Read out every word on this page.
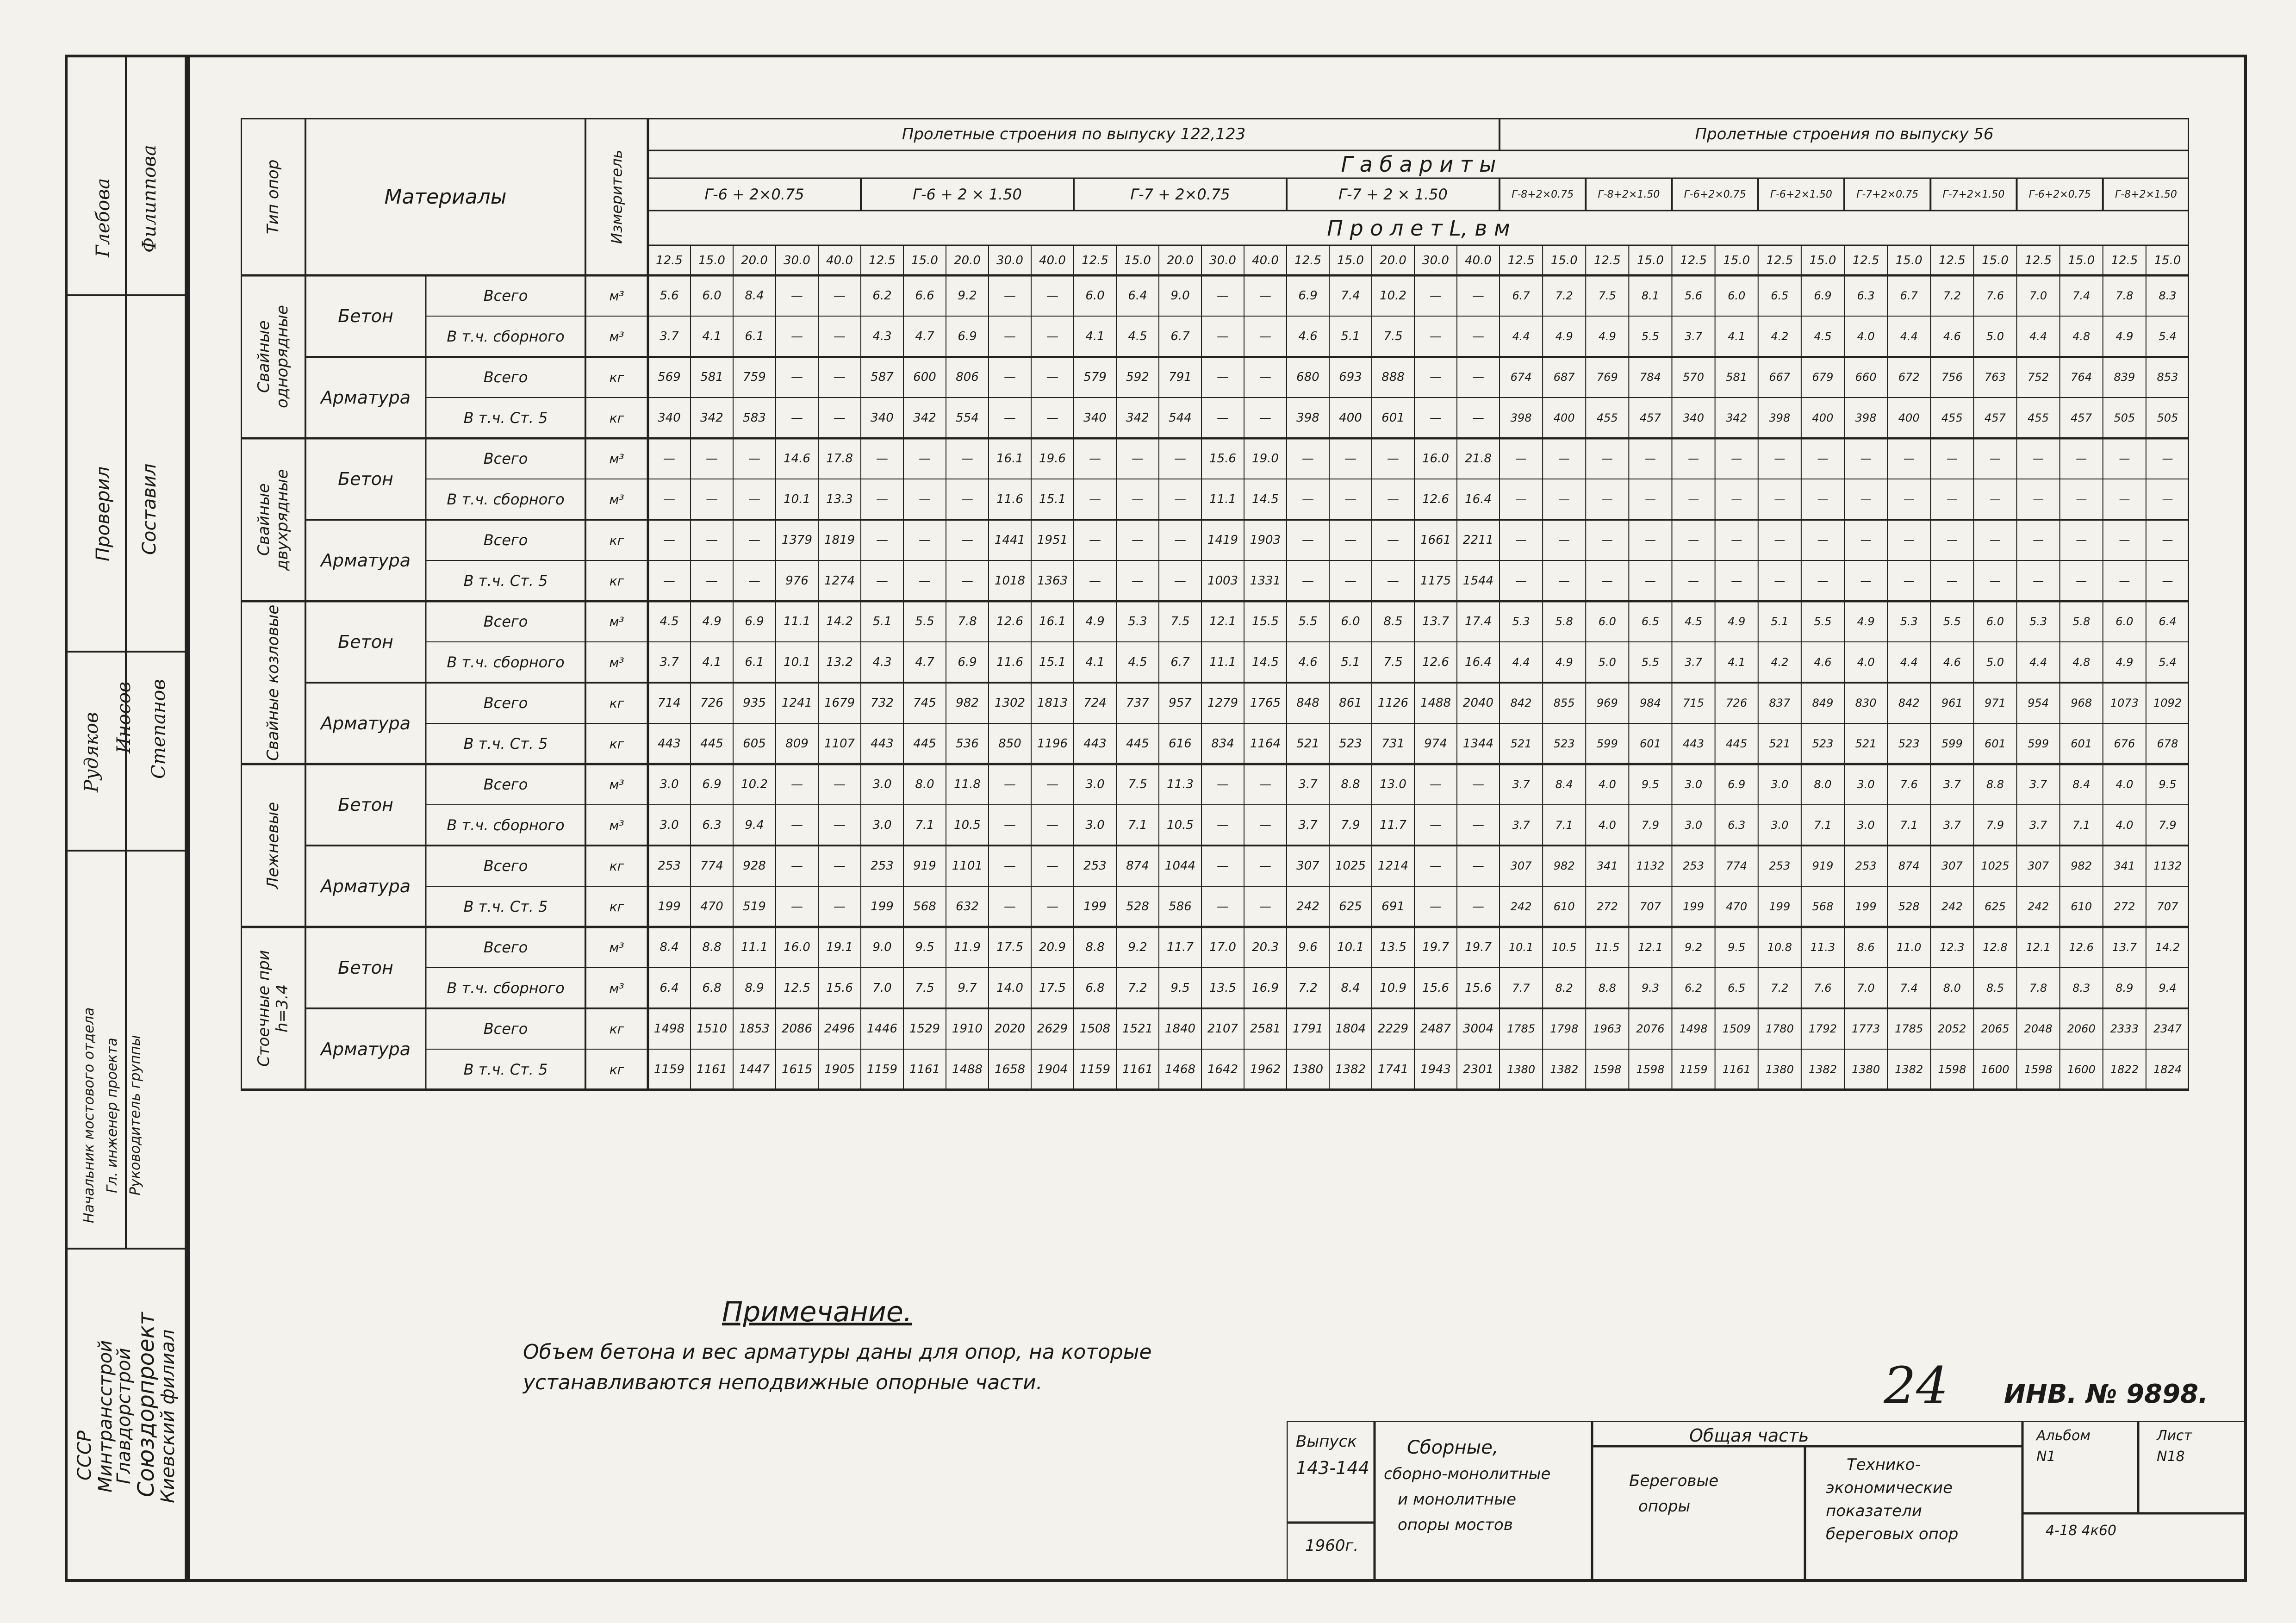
СССР Минтрансстрой
Главдорстрой
Союздорпроект
Киевский филиал
Начальник мостового отдела Гл. инженер проекта Руководитель группы
Рудяков Иносов Степанов
Проверил	Составил
Глебова	Филиппова	Тип опор	Материалы	Измеритель
Пролетные строения по выпуску 122,123	Пролетные строения по выпуску 56
Г а б а р и т ы
Г-6 + 2×0.75	Г-6 + 2 × 1.50	Г-7 + 2×0.75	Г-7 + 2 × 1.50	Г-8+2×0.75	Г-8+2×1.50	Г-6+2×0.75	Г-6+2×1.50	Г-7+2×0.75	Г-7+2×1.50	Г-6+2×0.75	Г-8+2×1.50
П р о л е т L, в м
12.5	15.0	20.0	30.0	40.0	12.5	15.0	20.0	30.0	40.0	12.5	15.0	20.0	30.0	40.0	12.5	15.0	20.0	30.0	40.0	12.5	15.0	12.5	15.0	12.5	15.0	12.5	15.0	12.5	15.0	12.5	15.0	12.5	15.0	12.5	15.0
Свайные однорядные	Бетон
Всего	м³	5.6	6.0	8.4	—	—	6.2	6.6	9.2	—	—	6.0	6.4	9.0	—	—	6.9	7.4	10.2	—	—	6.7	7.2	7.5	8.1	5.6	6.0	6.5	6.9	6.3	6.7	7.2	7.6	7.0	7.4	7.8	8.3
В т.ч. сборного	м³	3.7	4.1	6.1	—	—	4.3	4.7	6.9	—	—	4.1	4.5	6.7	—	—	4.6	5.1	7.5	—	—	4.4	4.9	4.9	5.5	3.7	4.1	4.2	4.5	4.0	4.4	4.6	5.0	4.4	4.8	4.9	5.4
Арматура
Всего	кг	569	581	759	—	—	587	600	806	—	—	579	592	791	—	—	680	693	888	—	—	674	687	769	784	570	581	667	679	660	672	756	763	752	764	839	853
В т.ч. Ст. 5	кг	340	342	583	—	—	340	342	554	—	—	340	342	544	—	—	398	400	601	—	—	398	400	455	457	340	342	398	400	398	400	455	457	455	457	505	505
Свайные двухрядные	Бетон
Всего	м³	—	—	—	14.6	17.8	—	—	—	16.1	19.6	—	—	—	15.6	19.0	—	—	—	16.0	21.8	—	—	—	—	—	—	—	—	—	—	—	—	—	—	—	—
В т.ч. сборного	м³	—	—	—	10.1	13.3	—	—	—	11.6	15.1	—	—	—	11.1	14.5	—	—	—	12.6	16.4	—	—	—	—	—	—	—	—	—	—	—	—	—	—	—	—
Арматура
Всего	кг	—	—	—	1379 1819	—	—	—	1441 1951	—	—	—	1419 1903	—	—	—	1661 2211	—	—	—	—	—	—	—	—	—	—	—	—	—	—	—	—
В т.ч. Ст. 5	кг	—	—	—	976	1274	—	—	—	1018 1363	—	—	—	1003 1331	—	—	—	1175 1544	—	—	—	—	—	—	—	—	—	—	—	—	—	—	—	—
Свайные козловые	Бетон
Всего	м³	4.5	4.9	6.9	11.1	14.2	5.1	5.5	7.8	12.6	16.1	4.9	5.3	7.5	12.1	15.5	5.5	6.0	8.5	13.7	17.4	5.3	5.8	6.0	6.5	4.5	4.9	5.1	5.5	4.9	5.3	5.5	6.0	5.3	5.8	6.0	6.4
В т.ч. сборного	м³	3.7	4.1	6.1	10.1	13.2	4.3	4.7	6.9	11.6	15.1	4.1	4.5	6.7	11.1	14.5	4.6	5.1	7.5	12.6	16.4	4.4	4.9	5.0	5.5	3.7	4.1	4.2	4.6	4.0	4.4	4.6	5.0	4.4	4.8	4.9	5.4
Арматура
Всего	кг	714	726	935	1241 1679	732	745	982	1302 1813	724	737	957	1279 1765	848	861	1126 1488 2040	842	855	969	984	715	726	837	849	830	842	961	971	954	968	1073	1092
В т.ч. Ст. 5	кг	443	445	605	809	1107	443	445	536	850	1196	443	445	616	834	1164	521	523	731	974	1344	521	523	599	601	443	445	521	523	521	523	599	601	599	601	676	678
Лежневые	Бетон
Всего	м³	3.0	6.9	10.2	—	—	3.0	8.0	11.8	—	—	3.0	7.5	11.3	—	—	3.7	8.8	13.0	—	—	3.7	8.4	4.0	9.5	3.0	6.9	3.0	8.0	3.0	7.6	3.7	8.8	3.7	8.4	4.0	9.5
В т.ч. сборного	м³	3.0	6.3	9.4	—	—	3.0	7.1	10.5	—	—	3.0	7.1	10.5	—	—	3.7	7.9	11.7	—	—	3.7	7.1	4.0	7.9	3.0	6.3	3.0	7.1	3.0	7.1	3.7	7.9	3.7	7.1	4.0	7.9
Арматура
Всего	кг	253	774	928	—	—	253	919	1101	—	—	253	874	1044	—	—	307	1025 1214	—	—	307	982	341	1132	253	774	253	919	253	874	307	1025	307	982	341	1132
В т.ч. Ст. 5	кг	199	470	519	—	—	199	568	632	—	—	199	528	586	—	—	242	625	691	—	—	242	610	272	707	199	470	199	568	199	528	242	625	242	610	272	707
Стоечные при h=3.4
Бетон
Всего	м³	8.4	8.8	11.1	16.0	19.1	9.0	9.5	11.9	17.5	20.9	8.8	9.2	11.7	17.0	20.3	9.6	10.1	13.5	19.7	19.7	10.1	10.5	11.5	12.1	9.2	9.5	10.8	11.3	8.6	11.0	12.3	12.8	12.1	12.6	13.7	14.2
В т.ч. сборного	м³	6.4	6.8	8.9	12.5	15.6	7.0	7.5	9.7	14.0	17.5	6.8	7.2	9.5	13.5	16.9	7.2	8.4	10.9	15.6	15.6	7.7	8.2	8.8	9.3	6.2	6.5	7.2	7.6	7.0	7.4	8.0	8.5	7.8	8.3	8.9	9.4
Арматура
Всего	кг	1498 1510 1853 2086 2496 1446 1529 1910 2020 2629 1508 1521 1840 2107 2581 1791 1804 2229 2487 3004	1785	1798	1963	2076	1498	1509	1780	1792	1773	1785	2052	2065	2048	2060	2333	2347
В т.ч. Ст. 5	кг	1159 1161 1447 1615 1905 1159 1161 1488 1658 1904 1159 1161 1468 1642 1962 1380 1382 1741 1943 2301	1380	1382	1598	1598	1159	1161	1380	1382	1380	1382	1598	1600	1598	1600	1822	1824
Примечание.
Объем бетона и вес арматуры даны для опор, на которые
устанавливаются неподвижные опорные части.	24 ИНВ. № 9898.
Выпуск
143-144
1960г.
Сборные,
сборно-монолитные
и монолитные
опоры мостов
Общая часть
Береговые
опоры
Технико-
экономические
показатели
береговых опор
Альбом
N1
Лист
N18
4-18 4к60
